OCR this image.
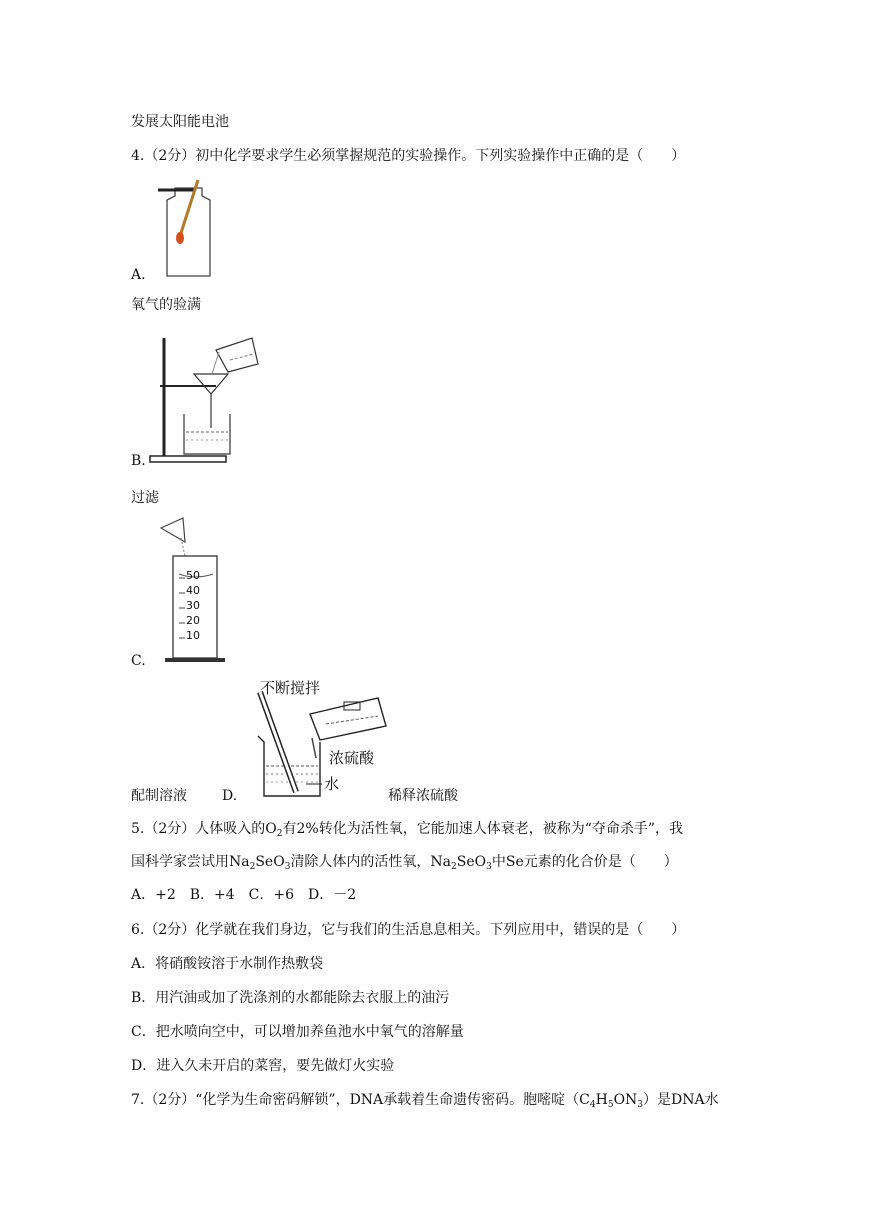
发展太阳能电池
4.（2分）初中化学要求学生必须掌握规范的实验操作。下列实验操作中正确的是（　　）
A.
氧气的验满
B.
过滤
50
40
30
20
10
C.
不断搅拌
浓硫酸
水
配制溶液	D.	稀释浓硫酸
5.（2分）人体吸入的$O_2$有2%转化为活性氧，它能加速人体衰老，被称为“夺命杀手”，我
国科学家尝试用$Na_2SeO_3$清除人体内的活性氧，$Na_2SeO_3$中Se元素的化合价是（　　）
A．+2　B．+4　C．+6　D．－2
6.（2分）化学就在我们身边，它与我们的生活息息相关。下列应用中，错误的是（　　）
A．将硝酸铵溶于水制作热敷袋
B．用汽油或加了洗涤剂的水都能除去衣服上的油污
C．把水喷向空中，可以增加养鱼池水中氧气的溶解量
D．进入久未开启的菜窖，要先做灯火实验
7.（2分）“化学为生命密码解锁”，DNA承载着生命遗传密码。胞嘧啶$(C_4H_5ON_3)$是DNA水
